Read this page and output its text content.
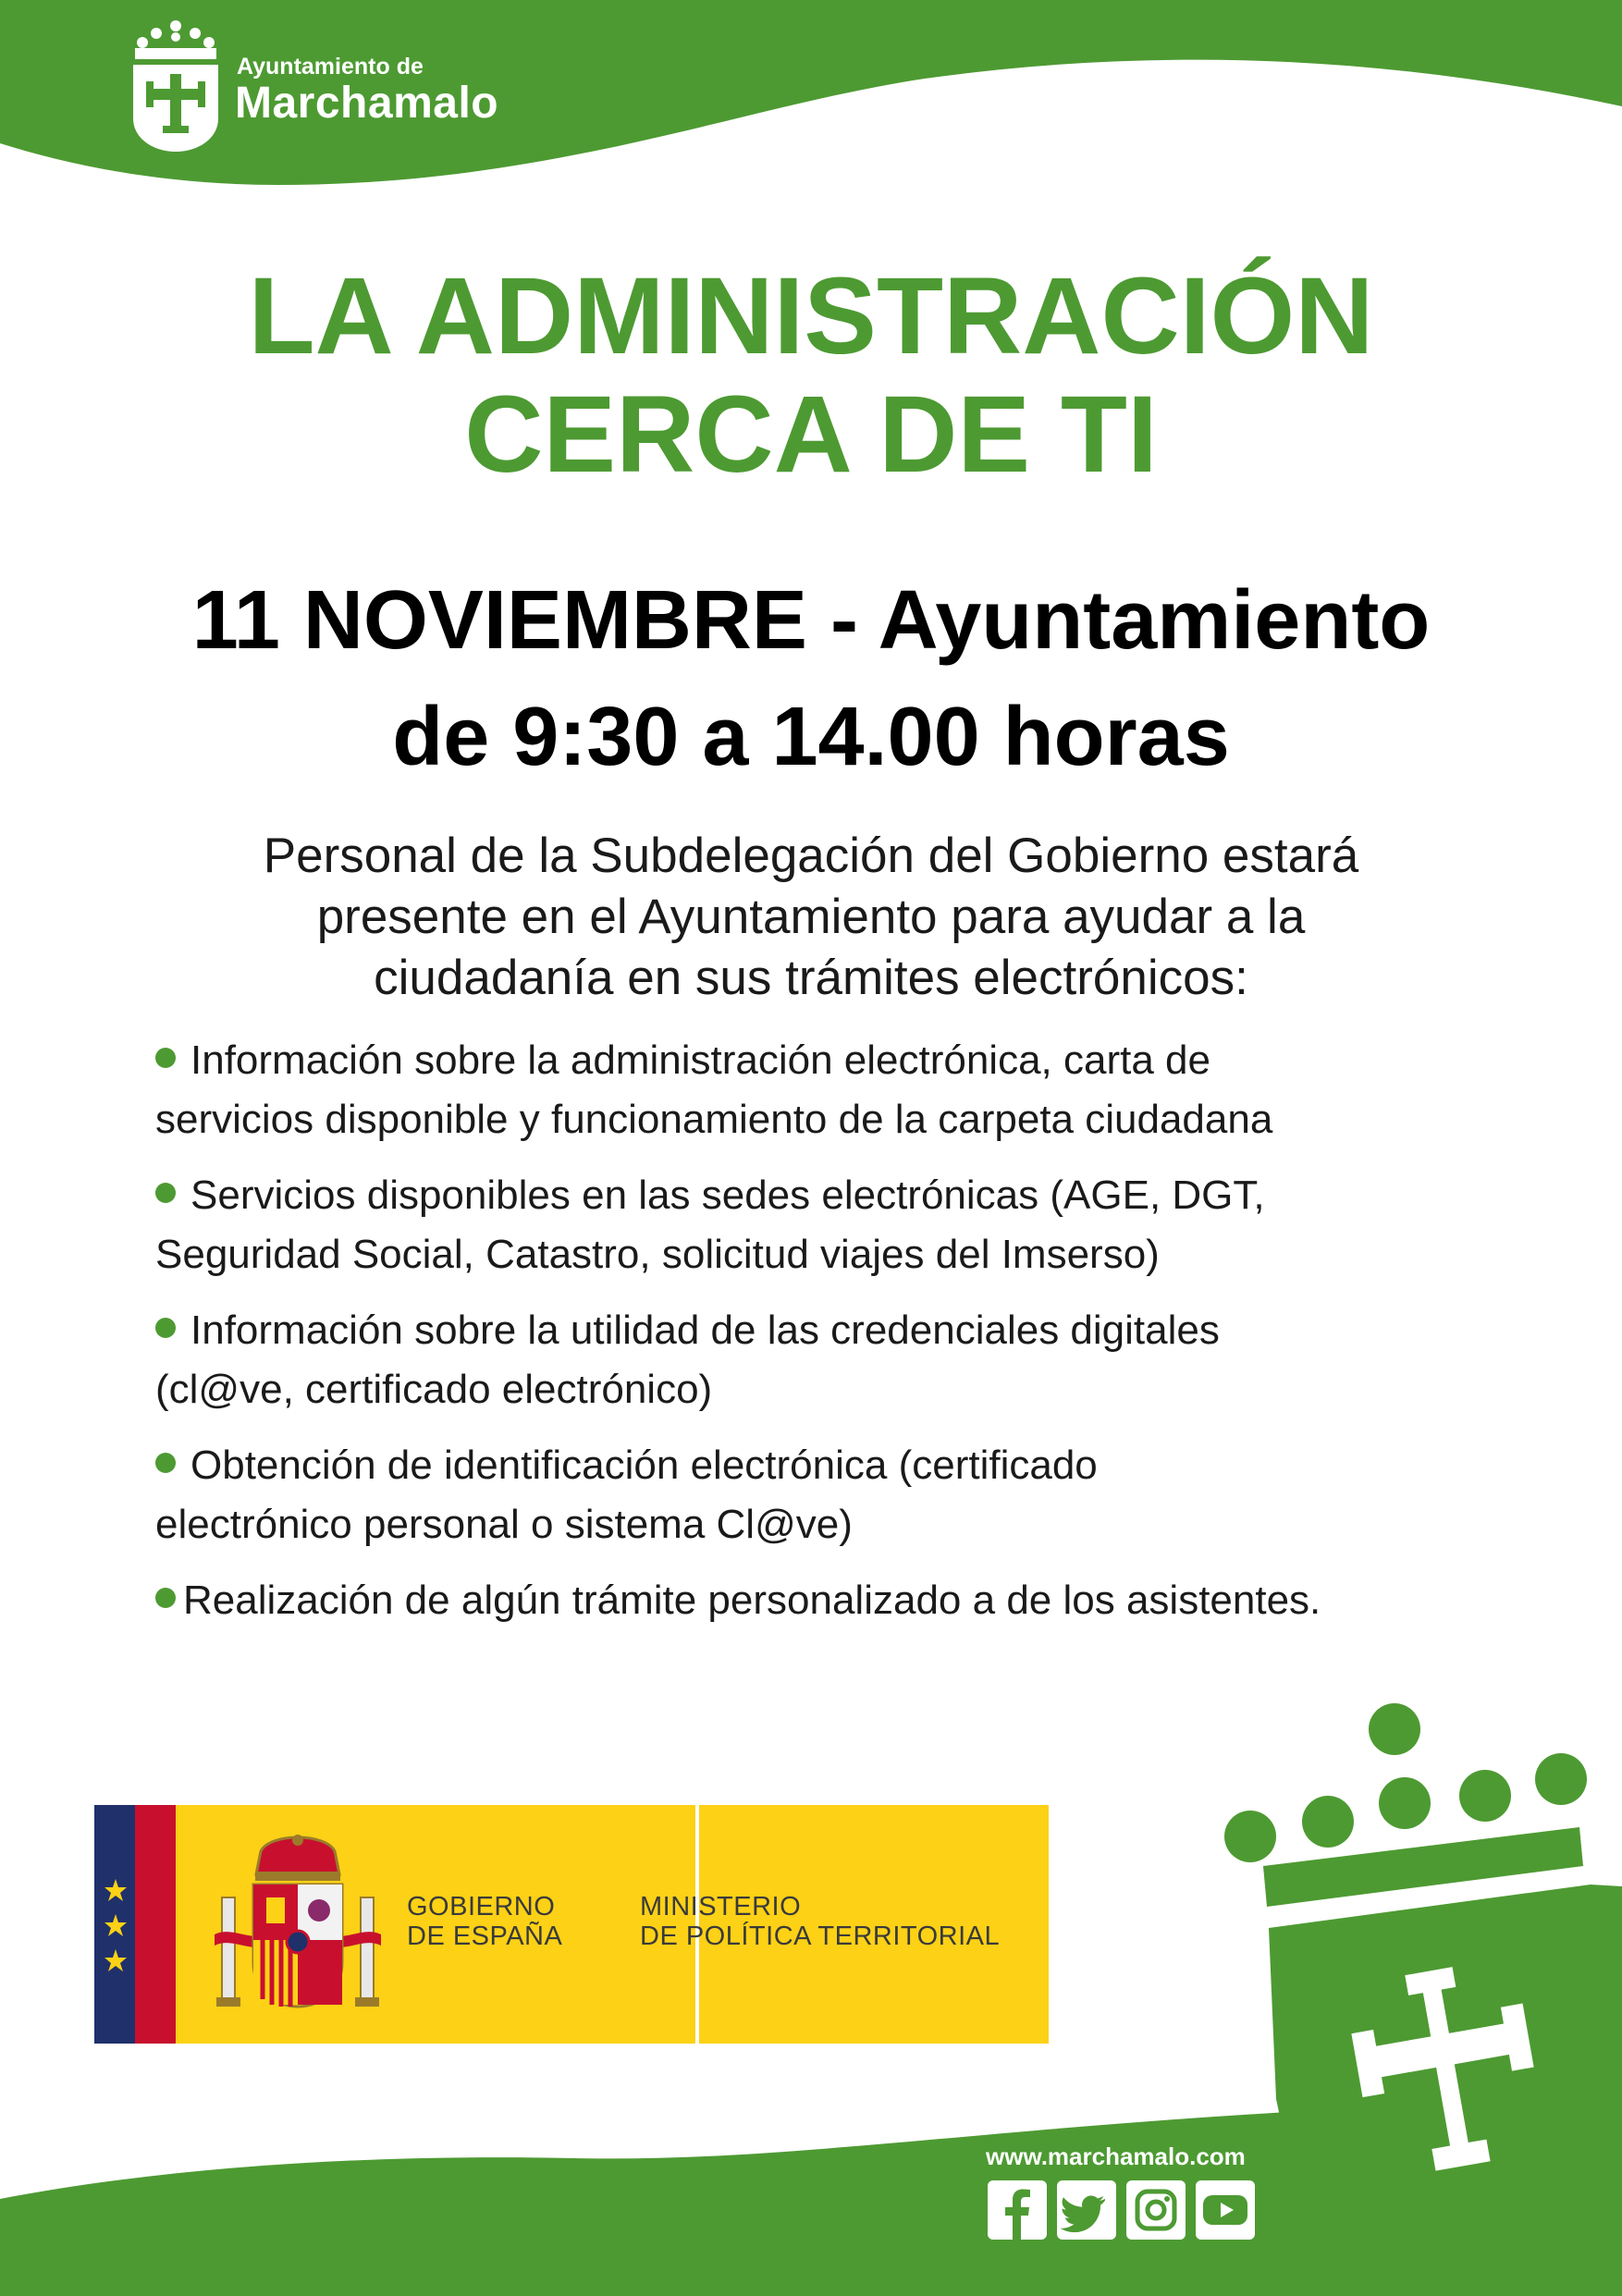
Ayuntamiento de
Marchamalo
LA ADMINISTRACIÓN
CERCA DE TI
11 NOVIEMBRE - Ayuntamiento
de 9:30 a 14.00 horas
Personal de la Subdelegación del Gobierno estará
presente en el Ayuntamiento para ayudar a la
ciudadanía en sus trámites electrónicos:
Información sobre la administración electrónica, carta de
servicios disponible y funcionamiento de la carpeta ciudadana
Servicios disponibles en las sedes electrónicas (AGE, DGT,
Seguridad Social, Catastro, solicitud viajes del Imserso)
Información sobre la utilidad de las credenciales digitales
(cl@ve, certificado electrónico)
Obtención de identificación electrónica (certificado
electrónico personal o sistema Cl@ve)
Realización de algún trámite personalizado a de los asistentes.
GOBIERNO
DE ESPAÑA
MINISTERIO
DE POLÍTICA TERRITORIAL
www.marchamalo.com
